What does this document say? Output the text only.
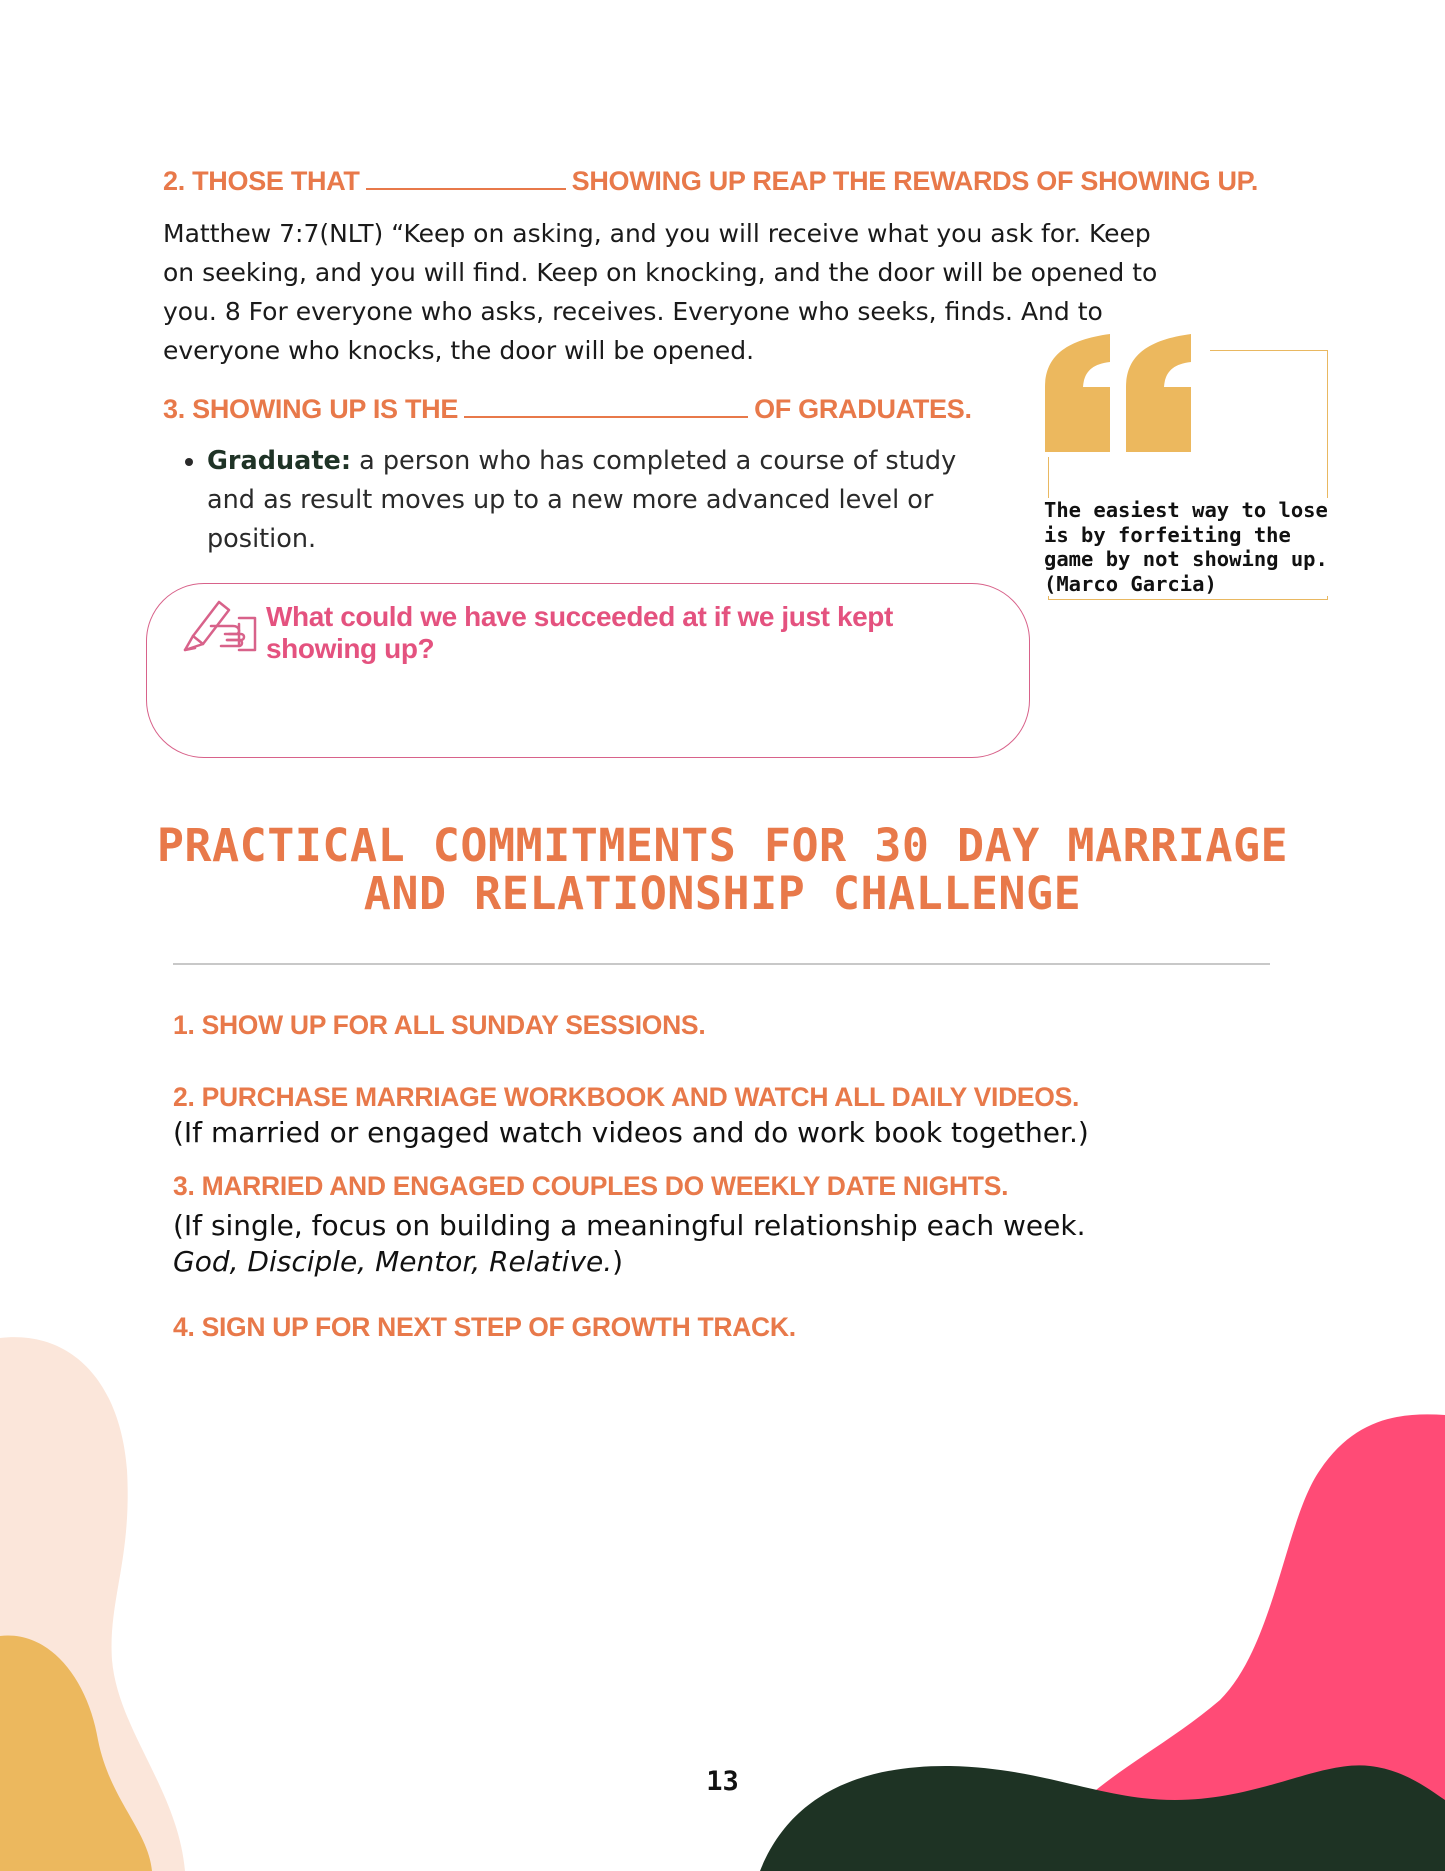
2. THOSE THAT	SHOWING UP REAP THE REWARDS OF SHOWING UP.
Matthew 7:7(NLT) “Keep on asking, and you will receive what you ask for. Keep
on seeking, and you will find. Keep on knocking, and the door will be opened to
you. 8 For everyone who asks, receives. Everyone who seeks, finds. And to
everyone who knocks, the door will be opened.
3. SHOWING UP IS THE	OF GRADUATES.
• Graduate: a person who has completed a course of study and as result moves up to a new more advanced level or position.
The easiest way to lose
is by forfeiting the
game by not showing up.
(Marco Garcia)
What could we have succeeded at if we just kept
showing up?
PRACTICAL COMMITMENTS FOR 30 DAY MARRIAGE
AND RELATIONSHIP CHALLENGE
1. SHOW UP FOR ALL SUNDAY SESSIONS.
2. PURCHASE MARRIAGE WORKBOOK AND WATCH ALL DAILY VIDEOS.
(If married or engaged watch videos and do work book together.)
3. MARRIED AND ENGAGED COUPLES DO WEEKLY DATE NIGHTS.
(If single, focus on building a meaningful relationship each week.
God, Disciple, Mentor, Relative.)
4. SIGN UP FOR NEXT STEP OF GROWTH TRACK.
13
